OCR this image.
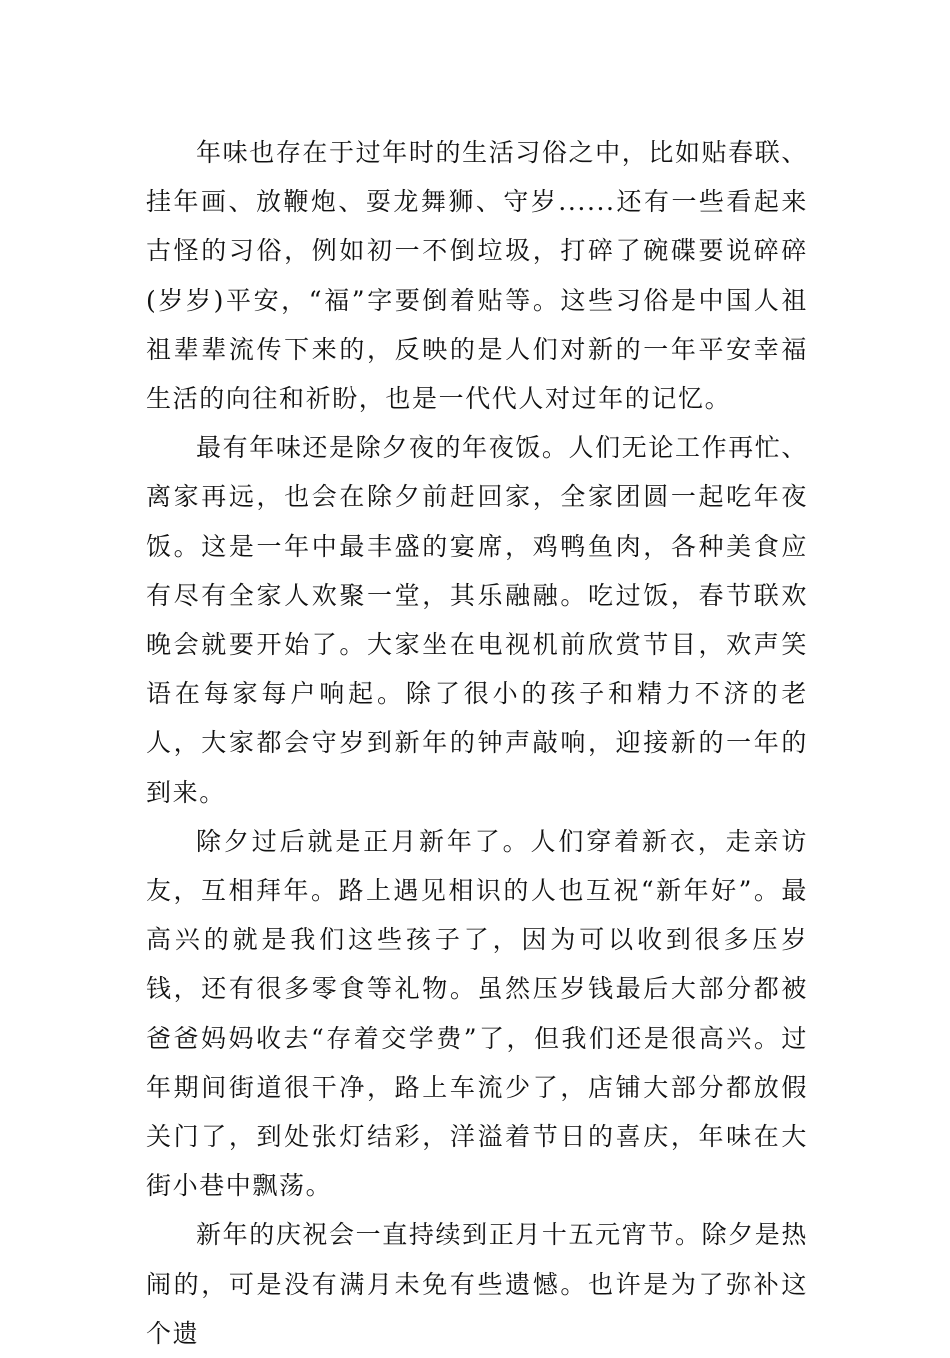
年味也存在于过年时的生活习俗之中，比如贴春联、挂年画、放鞭炮、耍龙舞狮、守岁......还有一些看起来古怪的习俗，例如初一不倒垃圾，打碎了碗碟要说碎碎(岁岁)平安，“福”字要倒着贴等。这些习俗是中国人祖祖辈辈流传下来的，反映的是人们对新的一年平安幸福生活的向往和祈盼，也是一代代人对过年的记忆。

最有年味还是除夕夜的年夜饭。人们无论工作再忙、离家再远，也会在除夕前赶回家，全家团圆一起吃年夜饭。这是一年中最丰盛的宴席，鸡鸭鱼肉，各种美食应有尽有全家人欢聚一堂，其乐融融。吃过饭，春节联欢晚会就要开始了。大家坐在电视机前欣赏节目，欢声笑语在每家每户响起。除了很小的孩子和精力不济的老人，大家都会守岁到新年的钟声敲响，迎接新的一年的到来。

除夕过后就是正月新年了。人们穿着新衣，走亲访友，互相拜年。路上遇见相识的人也互祝“新年好”。最高兴的就是我们这些孩子了，因为可以收到很多压岁钱，还有很多零食等礼物。虽然压岁钱最后大部分都被爸爸妈妈收去“存着交学费”了，但我们还是很高兴。过年期间街道很干净，路上车流少了，店铺大部分都放假关门了，到处张灯结彩，洋溢着节日的喜庆，年味在大街小巷中飘荡。

新年的庆祝会一直持续到正月十五元宵节。除夕是热闹的，可是没有满月未免有些遗憾。也许是为了弥补这个遗
